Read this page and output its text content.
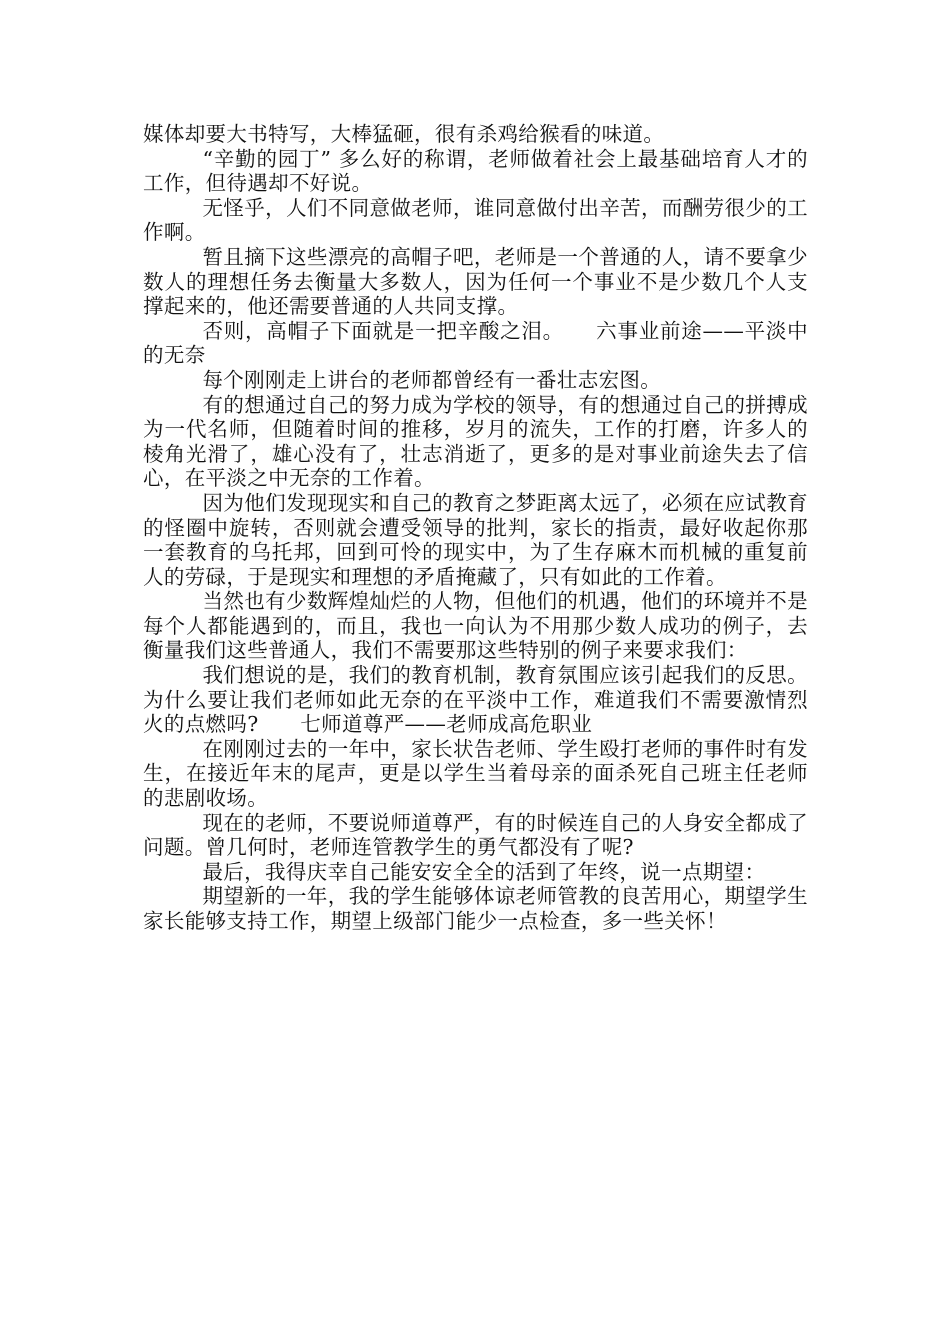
媒体却要大书特写，大棒猛砸，很有杀鸡给猴看的味道。

“辛勤的园丁” 多么好的称谓，老师做着社会上最基础培育人才的工作，但待遇却不好说。

无怪乎，人们不同意做老师，谁同意做付出辛苦，而酬劳很少的工作啊。

暂且摘下这些漂亮的高帽子吧，老师是一个普通的人，请不要拿少数人的理想任务去衡量大多数人，因为任何一个事业不是少数几个人支撑起来的，他还需要普通的人共同支撑。

否则，高帽子下面就是一把辛酸之泪。　　六事业前途——平淡中的无奈

每个刚刚走上讲台的老师都曾经有一番壮志宏图。

有的想通过自己的努力成为学校的领导，有的想通过自己的拼搏成为一代名师，但随着时间的推移，岁月的流失，工作的打磨，许多人的棱角光滑了，雄心没有了，壮志消逝了，更多的是对事业前途失去了信心，在平淡之中无奈的工作着。

因为他们发现现实和自己的教育之梦距离太远了，必须在应试教育的怪圈中旋转，否则就会遭受领导的批判，家长的指责，最好收起你那一套教育的乌托邦，回到可怜的现实中，为了生存麻木而机械的重复前人的劳碌，于是现实和理想的矛盾掩藏了，只有如此的工作着。

当然也有少数辉煌灿烂的人物，但他们的机遇，他们的环境并不是每个人都能遇到的，而且，我也一向认为不用那少数人成功的例子，去衡量我们这些普通人，我们不需要那这些特别的例子来要求我们：

我们想说的是，我们的教育机制，教育氛围应该引起我们的反思。为什么要让我们老师如此无奈的在平淡中工作，难道我们不需要激情烈火的点燃吗?　　七师道尊严——老师成高危职业

在刚刚过去的一年中，家长状告老师、学生殴打老师的事件时有发生，在接近年末的尾声，更是以学生当着母亲的面杀死自己班主任老师的悲剧收场。

现在的老师，不要说师道尊严，有的时候连自己的人身安全都成了问题。曾几何时，老师连管教学生的勇气都没有了呢?

最后，我得庆幸自己能安安全全的活到了年终，说一点期望：

期望新的一年，我的学生能够体谅老师管教的良苦用心，期望学生家长能够支持工作，期望上级部门能少一点检查，多一些关怀！
